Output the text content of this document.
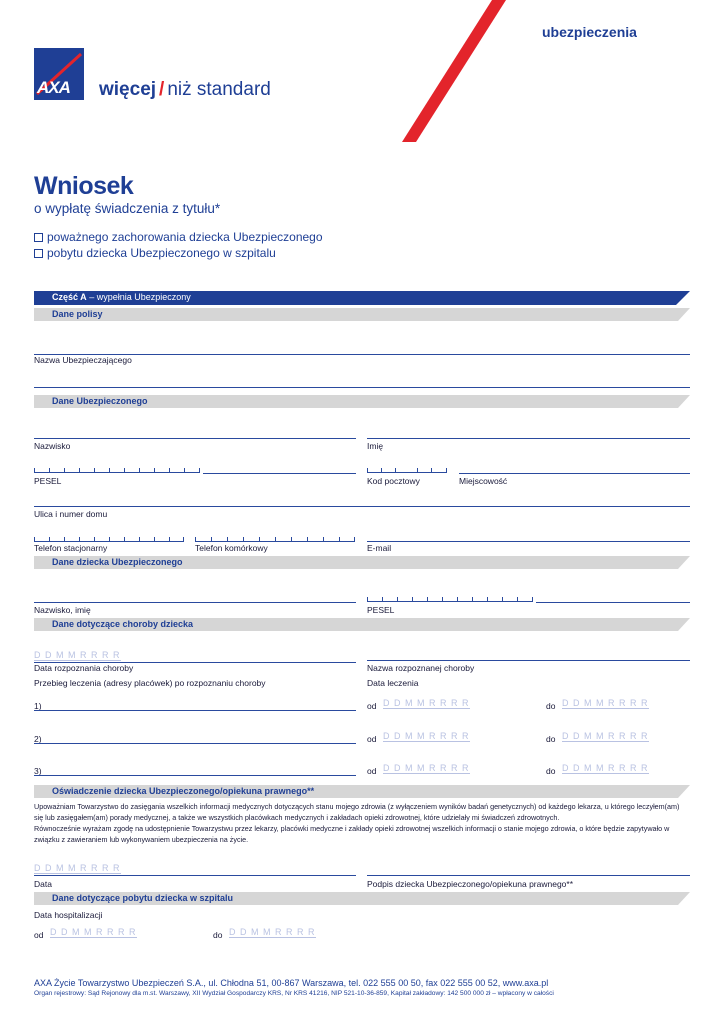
ubezpieczenia
AXA więcej / niż standard
Wniosek
o wypłatę świadczenia z tytułu*
poważnego zachorowania dziecka Ubezpieczonego
pobytu dziecka Ubezpieczonego w szpitalu
Część A – wypełnia Ubezpieczony
Dane polisy
Nazwa Ubezpieczającego
Dane Ubezpieczonego
Nazwisko	Imię
PESEL	Kod pocztowy	Miejscowość
Ulica i numer domu
Telefon stacjonarny	Telefon komórkowy	E-mail
Dane dziecka Ubezpieczonego
Nazwisko, imię	PESEL
Dane dotyczące choroby dziecka
D D M M R R R R
Data rozpoznania choroby	Nazwa rozpoznanej choroby
Przebieg leczenia (adresy placówek) po rozpoznaniu choroby	Data leczenia
1)	od D D M M R R R R	do D D M M R R R R
2)	od D D M M R R R R	do D D M M R R R R
3)	od D D M M R R R R	do D D M M R R R R
Oświadczenie dziecka Ubezpieczonego/opiekuna prawnego**
Upoważniam Towarzystwo do zasięgania wszelkich informacji medycznych dotyczących stanu mojego zdrowia (z wyłączeniem wyników badań genetycznych) od każdego lekarza, u którego leczyłem(am) się lub zasięgałem(am) porady medycznej, a także we wszystkich placówkach medycznych i zakładach opieki zdrowotnej, które udzielały mi świadczeń zdrowotnych.
Równocześnie wyrażam zgodę na udostępnienie Towarzystwu przez lekarzy, placówki medyczne i zakłady opieki zdrowotnej wszelkich informacji o stanie mojego zdrowia, o które będzie zapytywało w związku z zawieraniem lub wykonywaniem ubezpieczenia na życie.
D D M M R R R R
Data	Podpis dziecka Ubezpieczonego/opiekuna prawnego**
Dane dotyczące pobytu dziecka w szpitalu
Data hospitalizacji
od D D M M R R R R	do D D M M R R R R
AXA Życie Towarzystwo Ubezpieczeń S.A., ul. Chłodna 51, 00-867 Warszawa, tel. 022 555 00 50, fax 022 555 00 52, www.axa.pl
Organ rejestrowy: Sąd Rejonowy dla m.st. Warszawy, XII Wydział Gospodarczy KRS, Nr KRS 41216, NIP 521-10-36-859, Kapitał zakładowy: 142 500 000 zł – wpłacony w całości
